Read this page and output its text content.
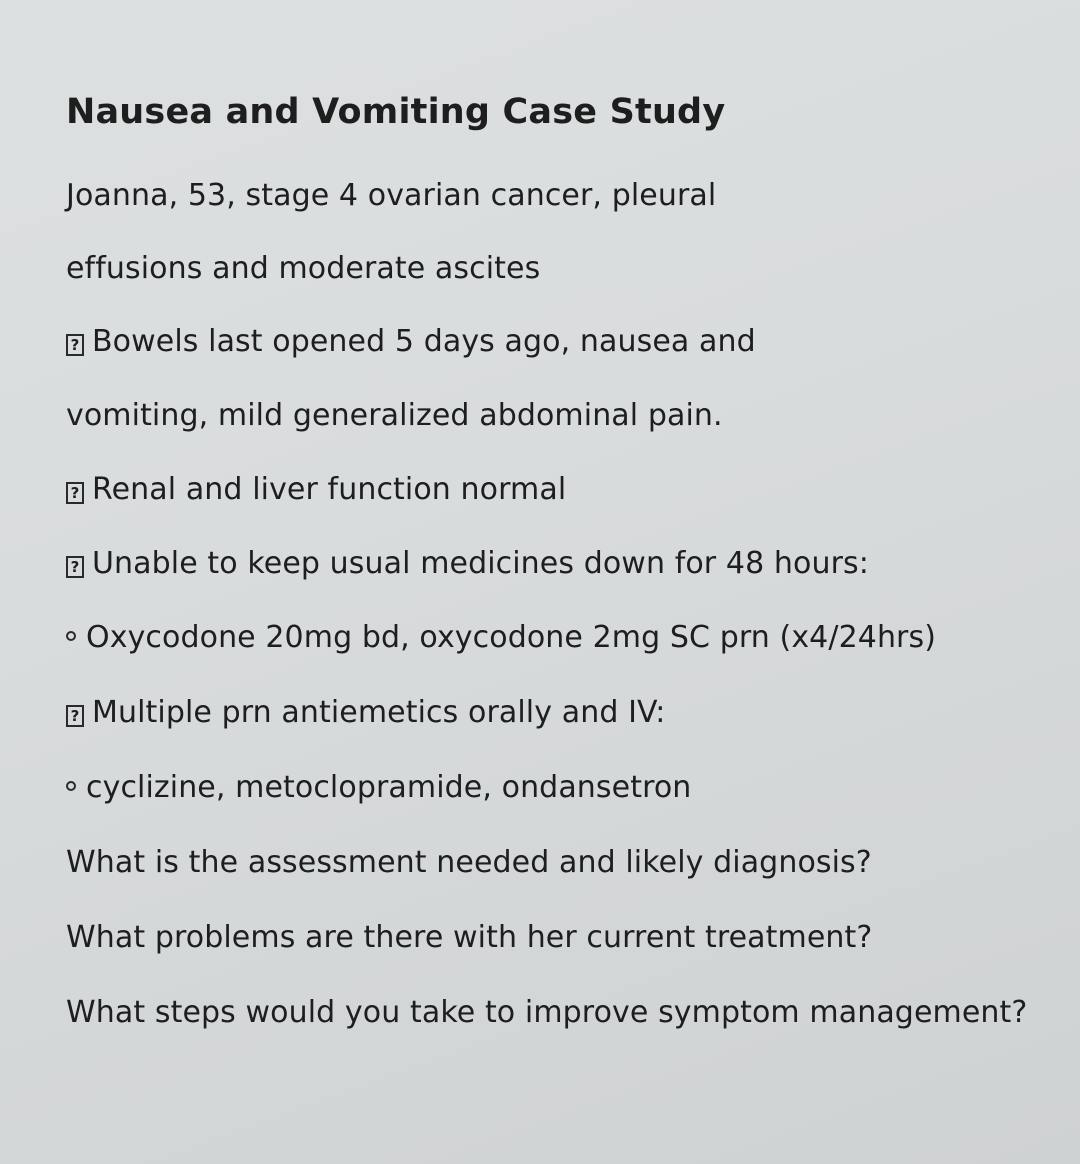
Nausea and Vomiting Case Study
Joanna, 53, stage 4 ovarian cancer, pleural
effusions and moderate ascites
? Bowels last opened 5 days ago, nausea and
vomiting, mild generalized abdominal pain.
? Renal and liver function normal
? Unable to keep usual medicines down for 48 hours:
Oxycodone 20mg bd, oxycodone 2mg SC prn (x4/24hrs)
? Multiple prn antiemetics orally and IV:
cyclizine, metoclopramide, ondansetron
What is the assessment needed and likely diagnosis?
What problems are there with her current treatment?
What steps would you take to improve symptom management?
